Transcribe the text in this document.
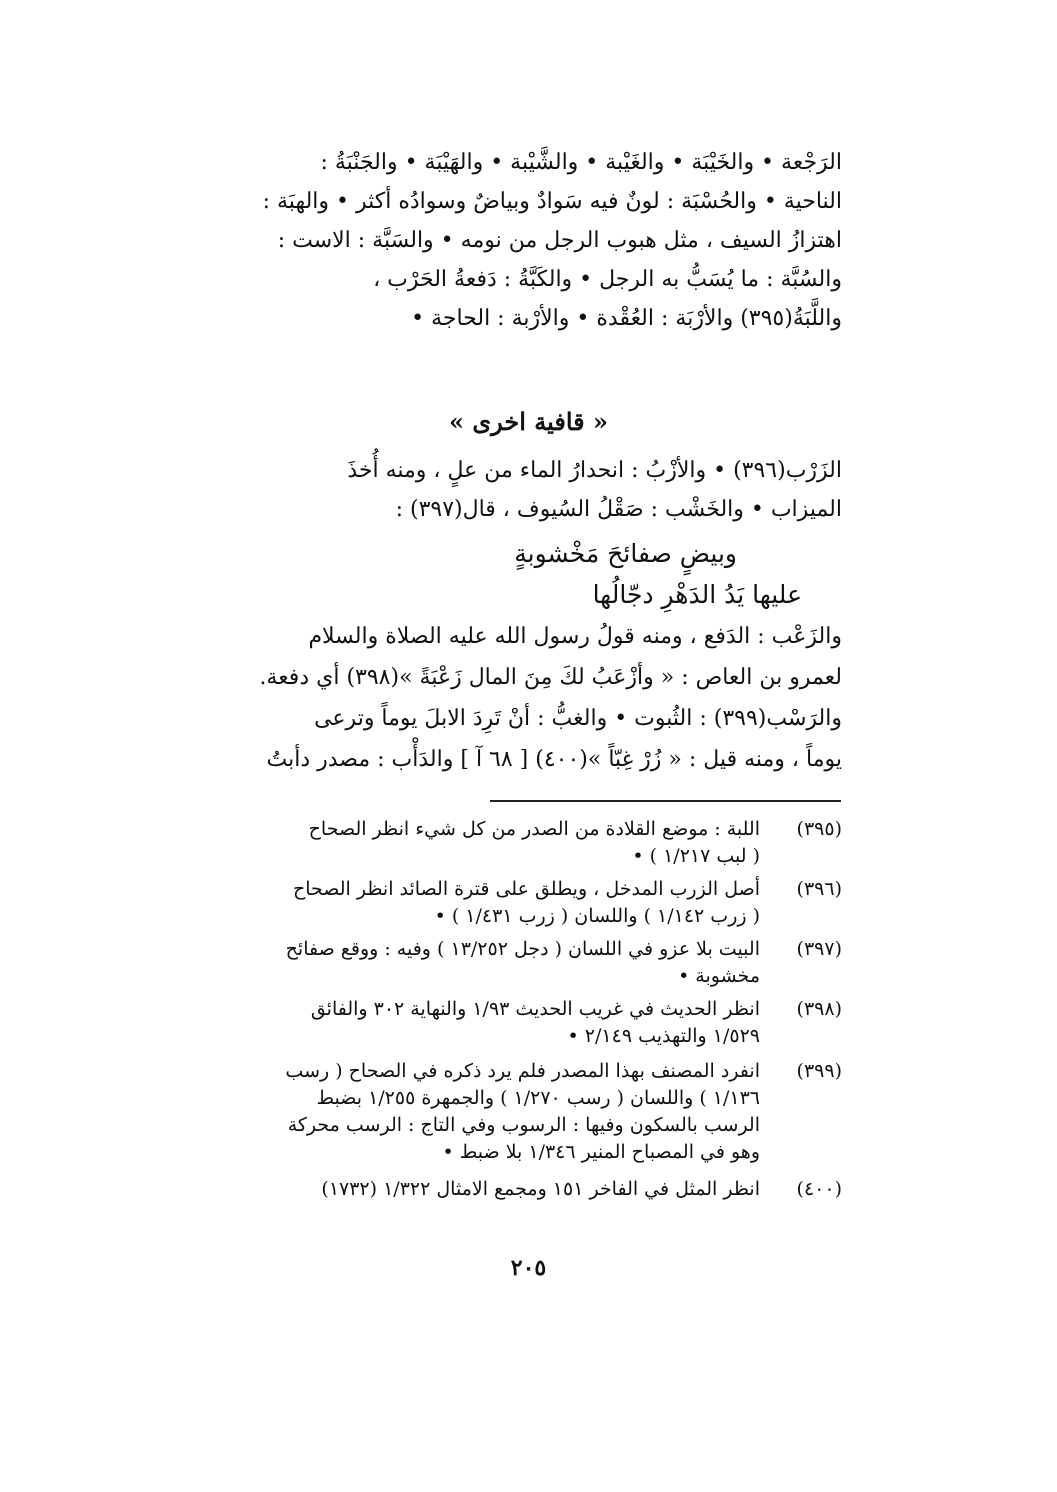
الرَجْعة • والخَيْبَة • والغَيْبة • والشَّيْبة • والهَيْبَة • والجَنْبَةُ :
الناحية • والحُسْبَة : لونٌ فيه سَوادٌ وبياضٌ وسوادُه أكثر • والهبَة :
اهتزازُ السيف ، مثل هبوب الرجل من نومه • والسَبَّة : الاست :
والسُبَّة : ما يُسَبُّ به الرجل • والكَبَّةُ : دَفعةُ الحَرْب ،
واللَّبَةُ(٣٩٥) والأرْبَة : العُقْدة • والأرْبة : الحاجة •
« قافية اخرى »
الزَرْب(٣٩٦) • والأزْبُ : انحدارُ الماء من علٍ ، ومنه أُخذَ
الميزاب • والخَشْب : صَقْلُ السُيوف ، قال(٣٩٧) :
وبيضٍ صفائحَ مَخْشوبةٍ
عليها يَدُ الدَهْرِ دجّالُها
والزَعْب : الدَفع ، ومنه قولُ رسول الله عليه الصلاة والسلام
لعمرو بن العاص : « وأزْعَبُ لكَ مِنَ المال زَعْبَةً »(٣٩٨) أي دفعة.
والرَسْب(٣٩٩) : الثُبوت • والغبُّ : أنْ تَرِدَ الابلَ يوماً وترعى
يوماً ، ومنه قيل : « زُرْ غِبّاً »(٤٠٠) [ ٦٨ آ ] والدَأْب : مصدر دأبتُ
(٣٩٥)
اللبة : موضع القلادة من الصدر من كل شيء انظر الصحاح
( لبب ١/٢١٧ ) •
(٣٩٦)
أصل الزرب المدخل ، ويطلق على قترة الصائد انظر الصحاح
( زرب ١/١٤٢ ) واللسان ( زرب ١/٤٣١ ) •
(٣٩٧)
البيت بلا عزو في اللسان ( دجل ١٣/٢٥٢ ) وفيه : ووقع صفائح
مخشوبة •
(٣٩٨)
انظر الحديث في غريب الحديث ١/٩٣ والنهاية ٣٠٢ والفائق
١/٥٢٩ والتهذيب ٢/١٤٩ •
(٣٩٩)
انفرد المصنف بهذا المصدر فلم يرد ذكره في الصحاح ( رسب
١/١٣٦ ) واللسان ( رسب ١/٢٧٠ ) والجمهرة ١/٢٥٥ بضبط
الرسب بالسكون وفيها : الرسوب وفي التاج : الرسب محركة
وهو في المصباح المنير ١/٣٤٦ بلا ضبط •
(٤٠٠)
انظر المثل في الفاخر ١٥١ ومجمع الامثال ١/٣٢٢ (١٧٣٢)
٢٠٥
